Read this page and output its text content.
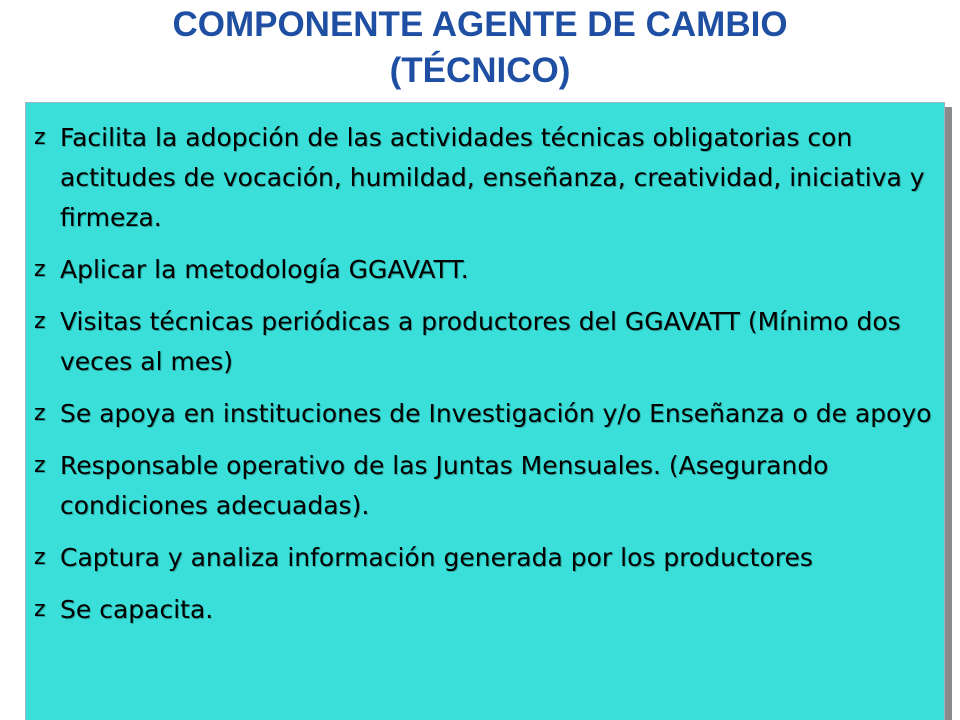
COMPONENTE AGENTE DE CAMBIO
(TÉCNICO)
z Facilita la adopción de las actividades técnicas obligatorias con actitudes de vocación, humildad, enseñanza, creatividad, iniciativa y firmeza.
z Aplicar la metodología GGAVATT.
z Visitas técnicas periódicas a productores del GGAVATT (Mínimo dos veces al mes)
z Se apoya en instituciones de Investigación y/o Enseñanza o de apoyo
z Responsable operativo de las Juntas Mensuales. (Asegurando condiciones adecuadas).
z Captura y analiza información generada por los productores
z Se capacita.
